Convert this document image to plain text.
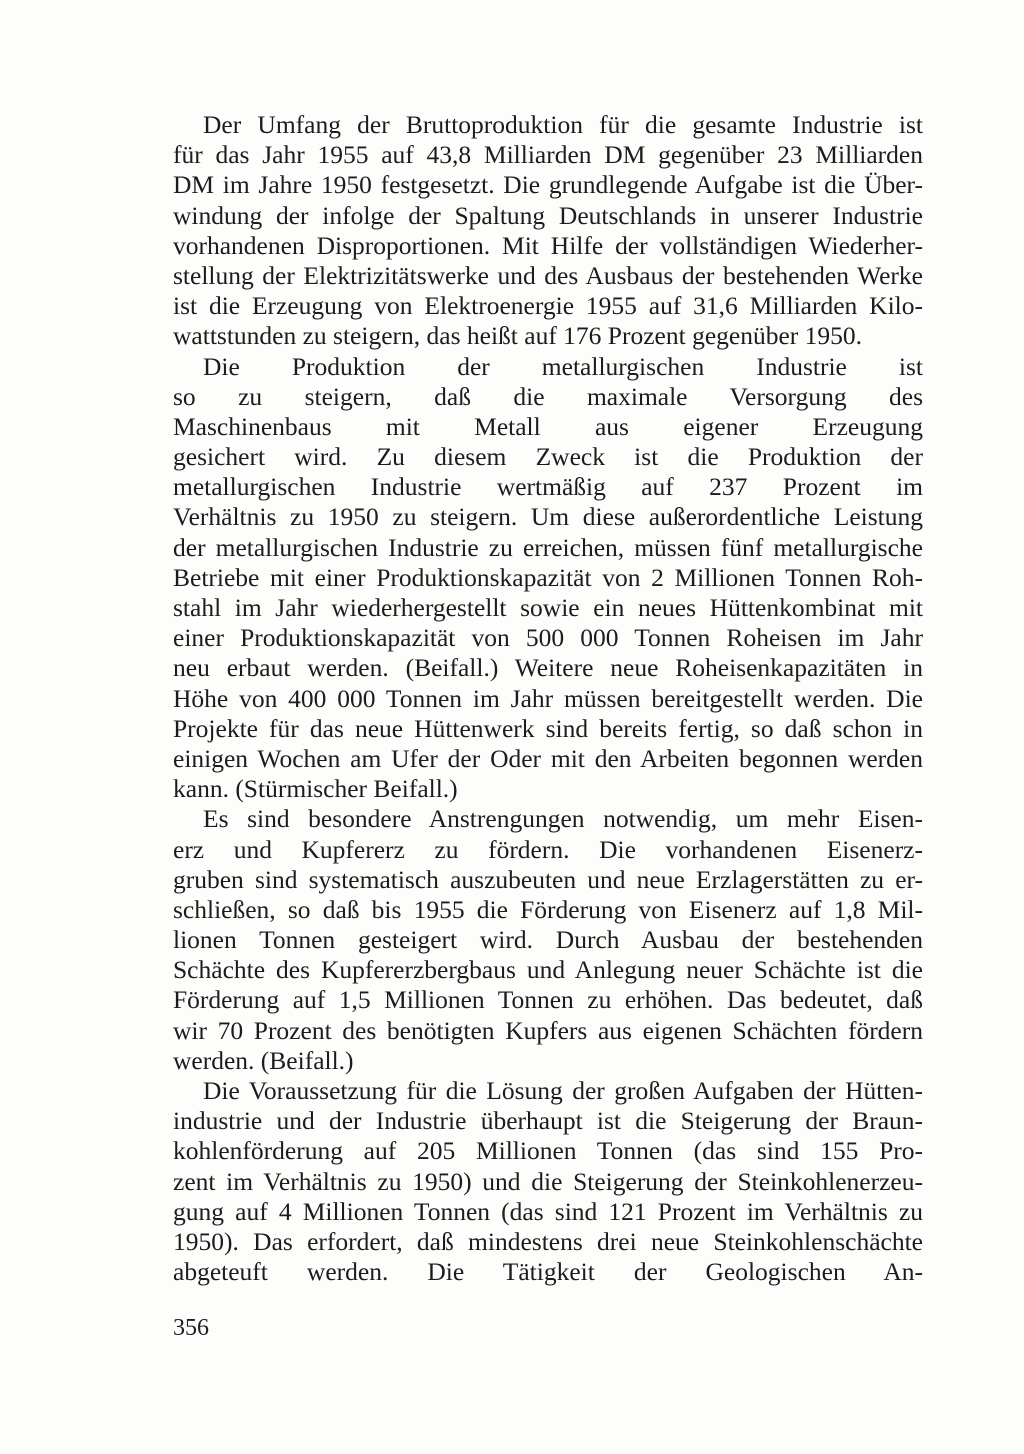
Der Umfang der Bruttoproduktion für die gesamte Industrie ist
für das Jahr 1955 auf 43,8 Milliarden DM gegenüber 23 Milliarden
DM im Jahre 1950 festgesetzt. Die grundlegende Aufgabe ist die Über-
windung der infolge der Spaltung Deutschlands in unserer Industrie
vorhandenen Disproportionen. Mit Hilfe der vollständigen Wiederher-
stellung der Elektrizitätswerke und des Ausbaus der bestehenden Werke
ist die Erzeugung von Elektroenergie 1955 auf 31,6 Milliarden Kilo-
wattstunden zu steigern, das heißt auf 176 Prozent gegenüber 1950.
Die Produktion der metallurgischen Industrie ist
so zu steigern, daß die maximale Versorgung des
Maschinenbaus mit Metall aus eigener Erzeugung
gesichert wird. Zu diesem Zweck ist die Produktion der
metallurgischen Industrie wertmäßig auf 237 Prozent im
Verhältnis zu 1950 zu steigern. Um diese außerordentliche Leistung
der metallurgischen Industrie zu erreichen, müssen fünf metallurgische
Betriebe mit einer Produktionskapazität von 2 Millionen Tonnen Roh-
stahl im Jahr wiederhergestellt sowie ein neues Hüttenkombinat mit
einer Produktionskapazität von 500 000 Tonnen Roheisen im Jahr
neu erbaut werden. (Beifall.) Weitere neue Roheisenkapazitäten in
Höhe von 400 000 Tonnen im Jahr müssen bereitgestellt werden. Die
Projekte für das neue Hüttenwerk sind bereits fertig, so daß schon in
einigen Wochen am Ufer der Oder mit den Arbeiten begonnen werden
kann. (Stürmischer Beifall.)
Es sind besondere Anstrengungen notwendig, um mehr Eisen-
erz und Kupfererz zu fördern. Die vorhandenen Eisenerz-
gruben sind systematisch auszubeuten und neue Erzlagerstätten zu er-
schließen, so daß bis 1955 die Förderung von Eisenerz auf 1,8 Mil-
lionen Tonnen gesteigert wird. Durch Ausbau der bestehenden
Schächte des Kupfererzbergbaus und Anlegung neuer Schächte ist die
Förderung auf 1,5 Millionen Tonnen zu erhöhen. Das bedeutet, daß
wir 70 Prozent des benötigten Kupfers aus eigenen Schächten fördern
werden. (Beifall.)
Die Voraussetzung für die Lösung der großen Aufgaben der Hütten-
industrie und der Industrie überhaupt ist die Steigerung der Braun-
kohlenförderung auf 205 Millionen Tonnen (das sind 155 Pro-
zent im Verhältnis zu 1950) und die Steigerung der Steinkohlenerzeu-
gung auf 4 Millionen Tonnen (das sind 121 Prozent im Verhältnis zu
1950). Das erfordert, daß mindestens drei neue Steinkohlenschächte
abgeteuft werden. Die Tätigkeit der Geologischen An-
356
